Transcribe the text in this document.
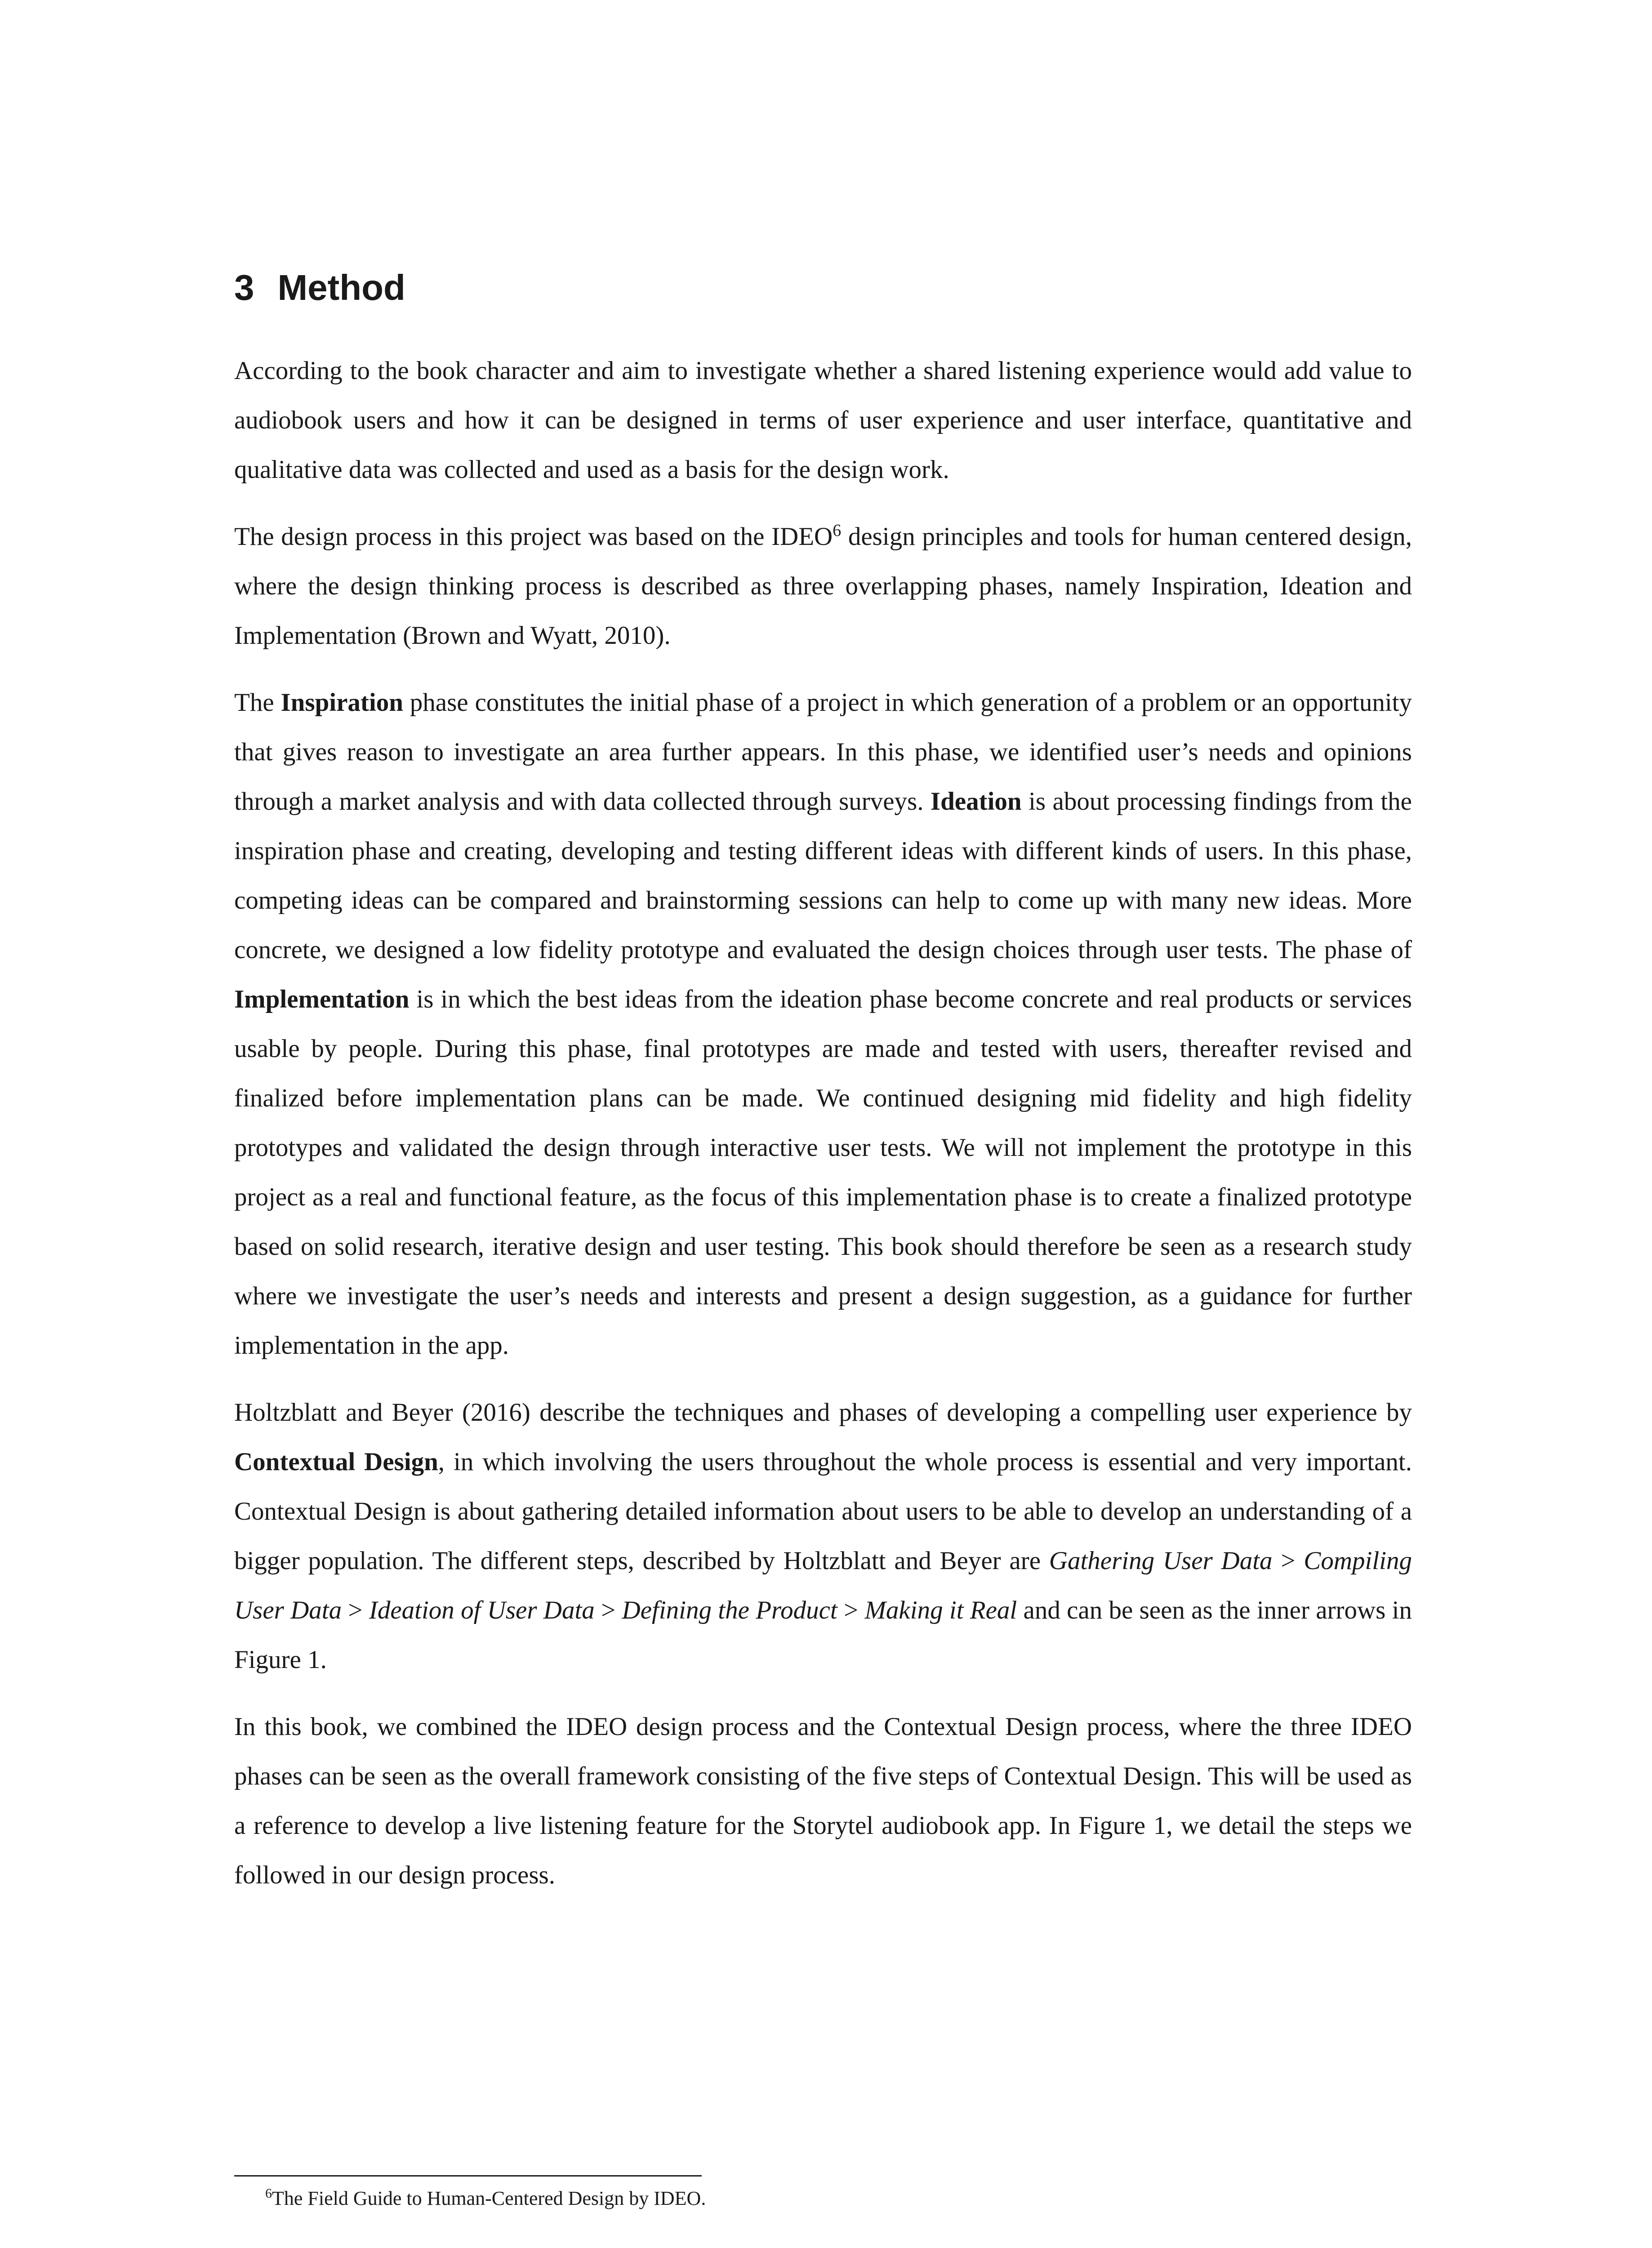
3 Method

According to the book character and aim to investigate whether a shared listening experience would add value to audiobook users and how it can be designed in terms of user experience and user interface, quantitative and qualitative data was collected and used as a basis for the design work.

The design process in this project was based on the IDEO$^6$ design principles and tools for human centered design, where the design thinking process is described as three overlapping phases, namely Inspiration, Ideation and Implementation (Brown and Wyatt, 2010).

The Inspiration phase constitutes the initial phase of a project in which generation of a problem or an opportunity that gives reason to investigate an area further appears. In this phase, we identified user’s needs and opinions through a market analysis and with data collected through surveys. Ideation is about processing findings from the inspiration phase and creating, developing and testing different ideas with different kinds of users. In this phase, competing ideas can be compared and brainstorming sessions can help to come up with many new ideas. More concrete, we designed a low fidelity prototype and evaluated the design choices through user tests. The phase of Implementation is in which the best ideas from the ideation phase become concrete and real products or services usable by people. During this phase, final prototypes are made and tested with users, thereafter revised and finalized before implementation plans can be made. We continued designing mid fidelity and high fidelity prototypes and validated the design through interactive user tests. We will not implement the prototype in this project as a real and functional feature, as the focus of this implementation phase is to create a finalized prototype based on solid research, iterative design and user testing. This book should therefore be seen as a research study where we investigate the user’s needs and interests and present a design suggestion, as a guidance for further implementation in the app.

Holtzblatt and Beyer (2016) describe the techniques and phases of developing a compelling user experience by Contextual Design, in which involving the users throughout the whole process is essential and very important. Contextual Design is about gathering detailed information about users to be able to develop an understanding of a bigger population. The different steps, described by Holtzblatt and Beyer are Gathering User Data > Compiling User Data > Ideation of User Data > Defining the Product > Making it Real and can be seen as the inner arrows in Figure 1.

In this book, we combined the IDEO design process and the Contextual Design process, where the three IDEO phases can be seen as the overall framework consisting of the five steps of Contextual Design. This will be used as a reference to develop a live listening feature for the Storytel audiobook app. In Figure 1, we detail the steps we followed in our design process.

$^6$The Field Guide to Human-Centered Design by IDEO.
